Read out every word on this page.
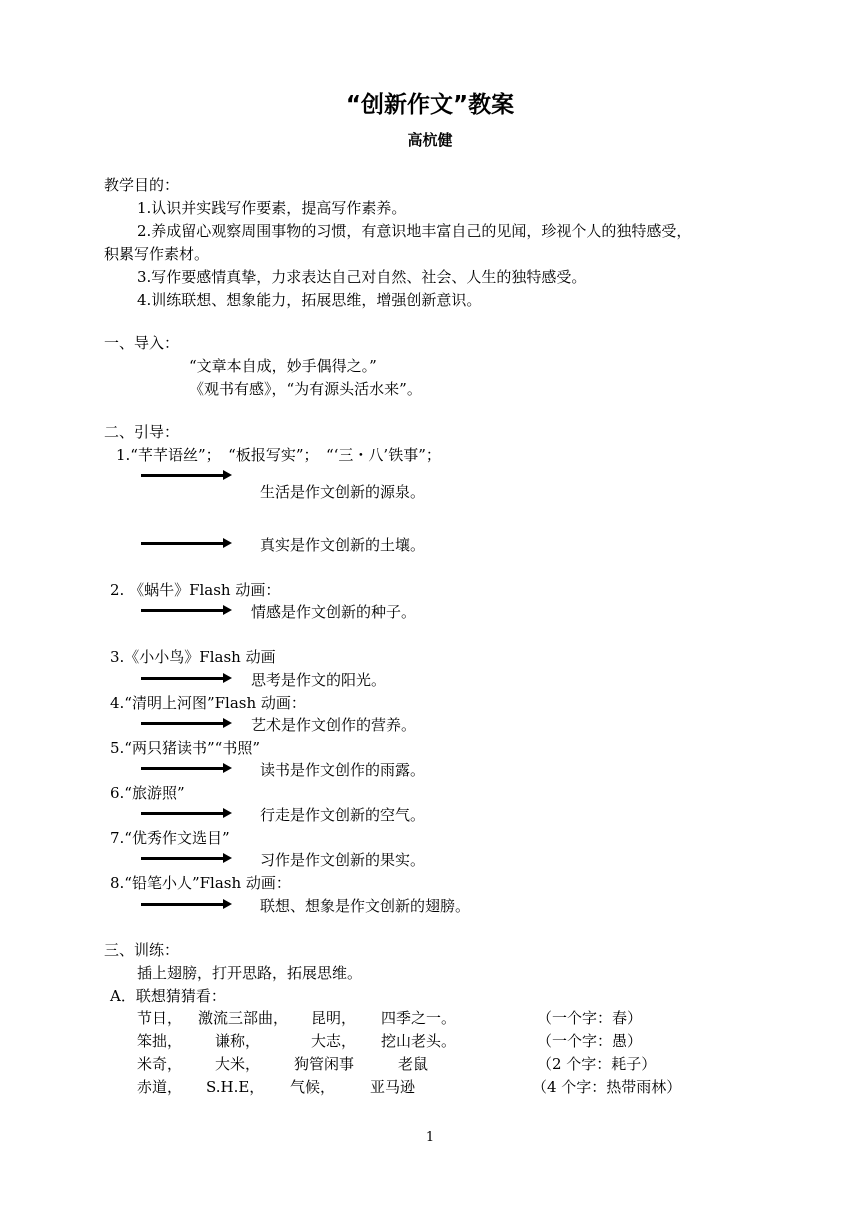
“创新作文”教案
高杭健
教学目的：
1.认识并实践写作要素，提高写作素养。
2.养成留心观察周围事物的习惯，有意识地丰富自己的见闻，珍视个人的独特感受，
积累写作素材。
3.写作要感情真挚，力求表达自己对自然、社会、人生的独特感受。
4.训练联想、想象能力，拓展思维，增强创新意识。
一、导入：
“文章本自成，妙手偶得之。”
《观书有感》，“为有源头活水来”。
二、引导：
1.“芊芊语丝”；　“板报写实”；　“‘三・八’铁事”；
生活是作文创新的源泉。
真实是作文创新的土壤。
2. 《蜗牛》Flash 动画：
情感是作文创新的种子。
3.《小小鸟》Flash 动画
思考是作文的阳光。
4.“清明上河图”Flash 动画：
艺术是作文创作的营养。
5.“两只猪读书”“书照”
读书是作文创作的雨露。
6.“旅游照”
行走是作文创新的空气。
7.“优秀作文选目”
习作是作文创新的果实。
8.“铅笔小人”Flash 动画：
联想、想象是作文创新的翅膀。
三、训练：
插上翅膀，打开思路，拓展思维。
A．联想猜猜看：
节日， 激流三部曲， 昆明， 四季之一。	（一个字：春）
笨拙， 谦称，	大志， 挖山老头。	（一个字：愚）
米奇， 大米， 狗管闲事	老鼠	（2 个字：耗子）
赤道， S.H.E， 气候， 亚马逊	（4 个字：热带雨林）
1
